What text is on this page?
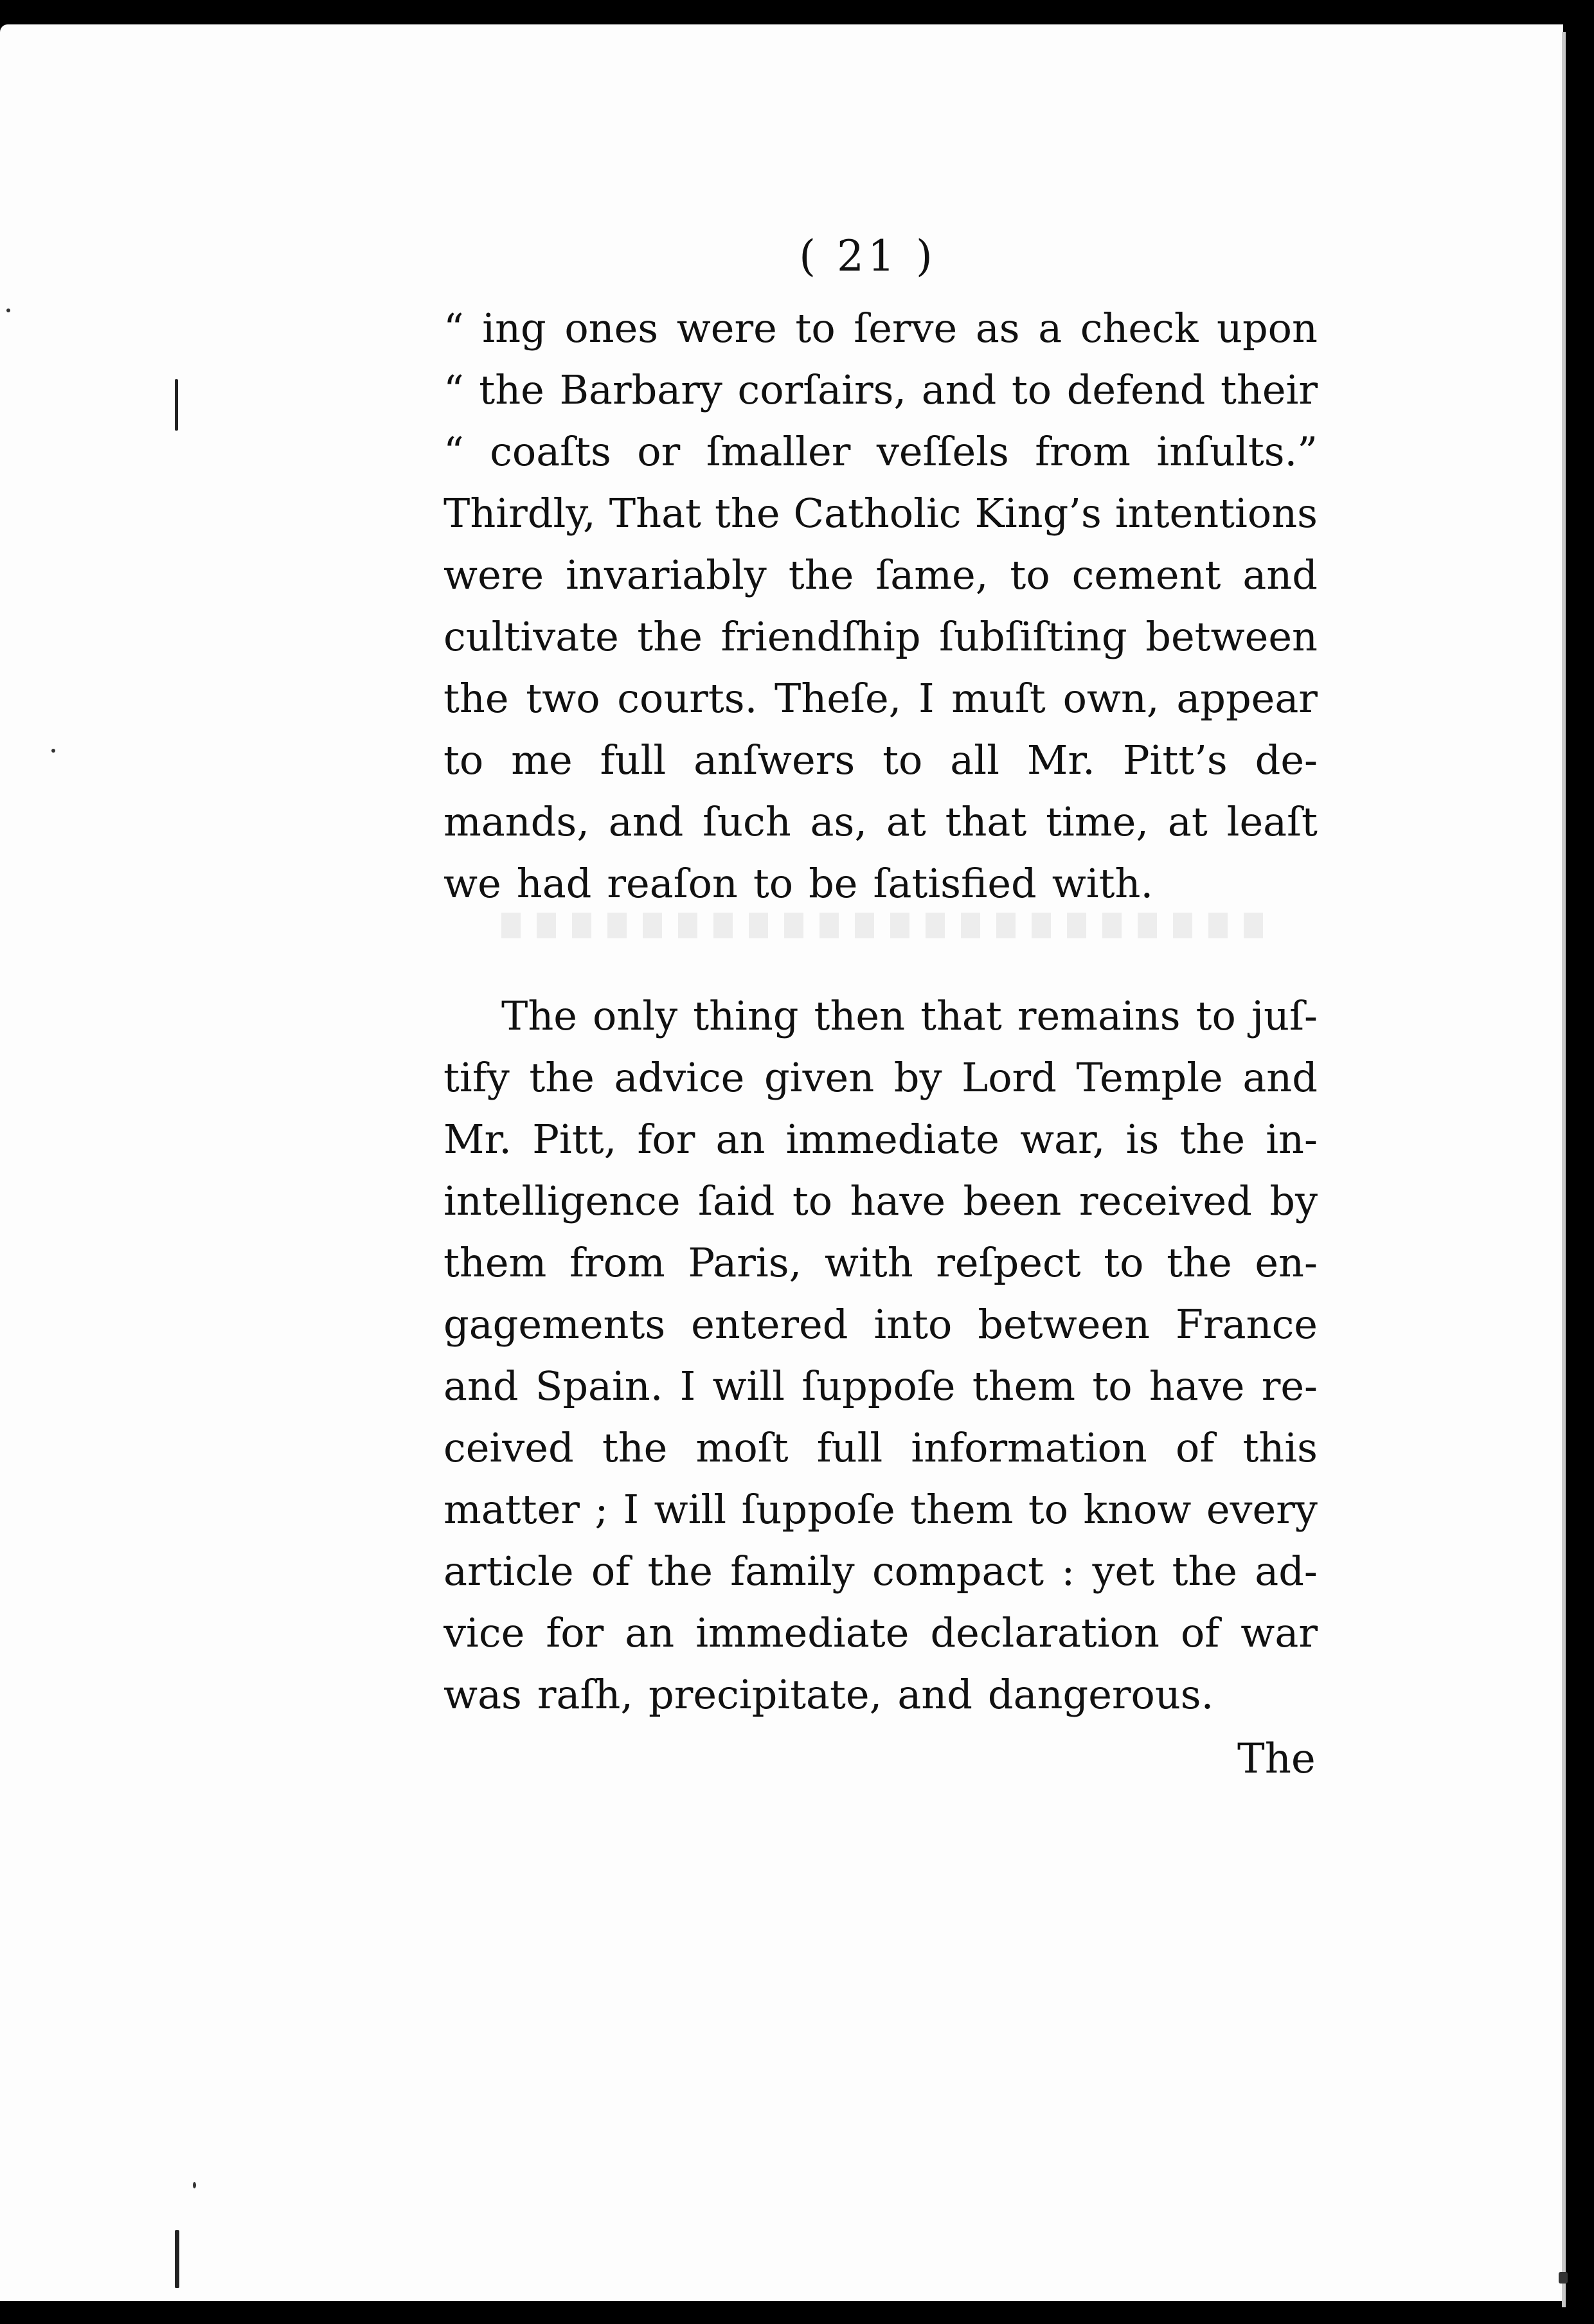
( 21 )
“ ing ones were to ſerve as a check upon
“ the Barbary corſairs, and to defend their
“ coaſts or ſmaller veſſels from inſults.”
Thirdly, That the Catholic King’s intentions
were invariably the ſame, to cement and
cultivate the friendſhip ſubſiſting between
the two courts. Theſe, I muſt own, appear
to me full anſwers to all Mr. Pitt’s de-
mands, and ſuch as, at that time, at leaſt
we had reaſon to be ſatisfied with.
The only thing then that remains to juſ-
tify the advice given by Lord Temple and
Mr. Pitt, for an immediate war, is the in-
intelligence ſaid to have been received by
them from Paris, with reſpect to the en-
gagements entered into between France
and Spain. I will ſuppoſe them to have re-
ceived the moſt full information of this
matter ; I will ſuppoſe them to know every
article of the family compact : yet the ad-
vice for an immediate declaration of war
was raſh, precipitate, and dangerous.
The
